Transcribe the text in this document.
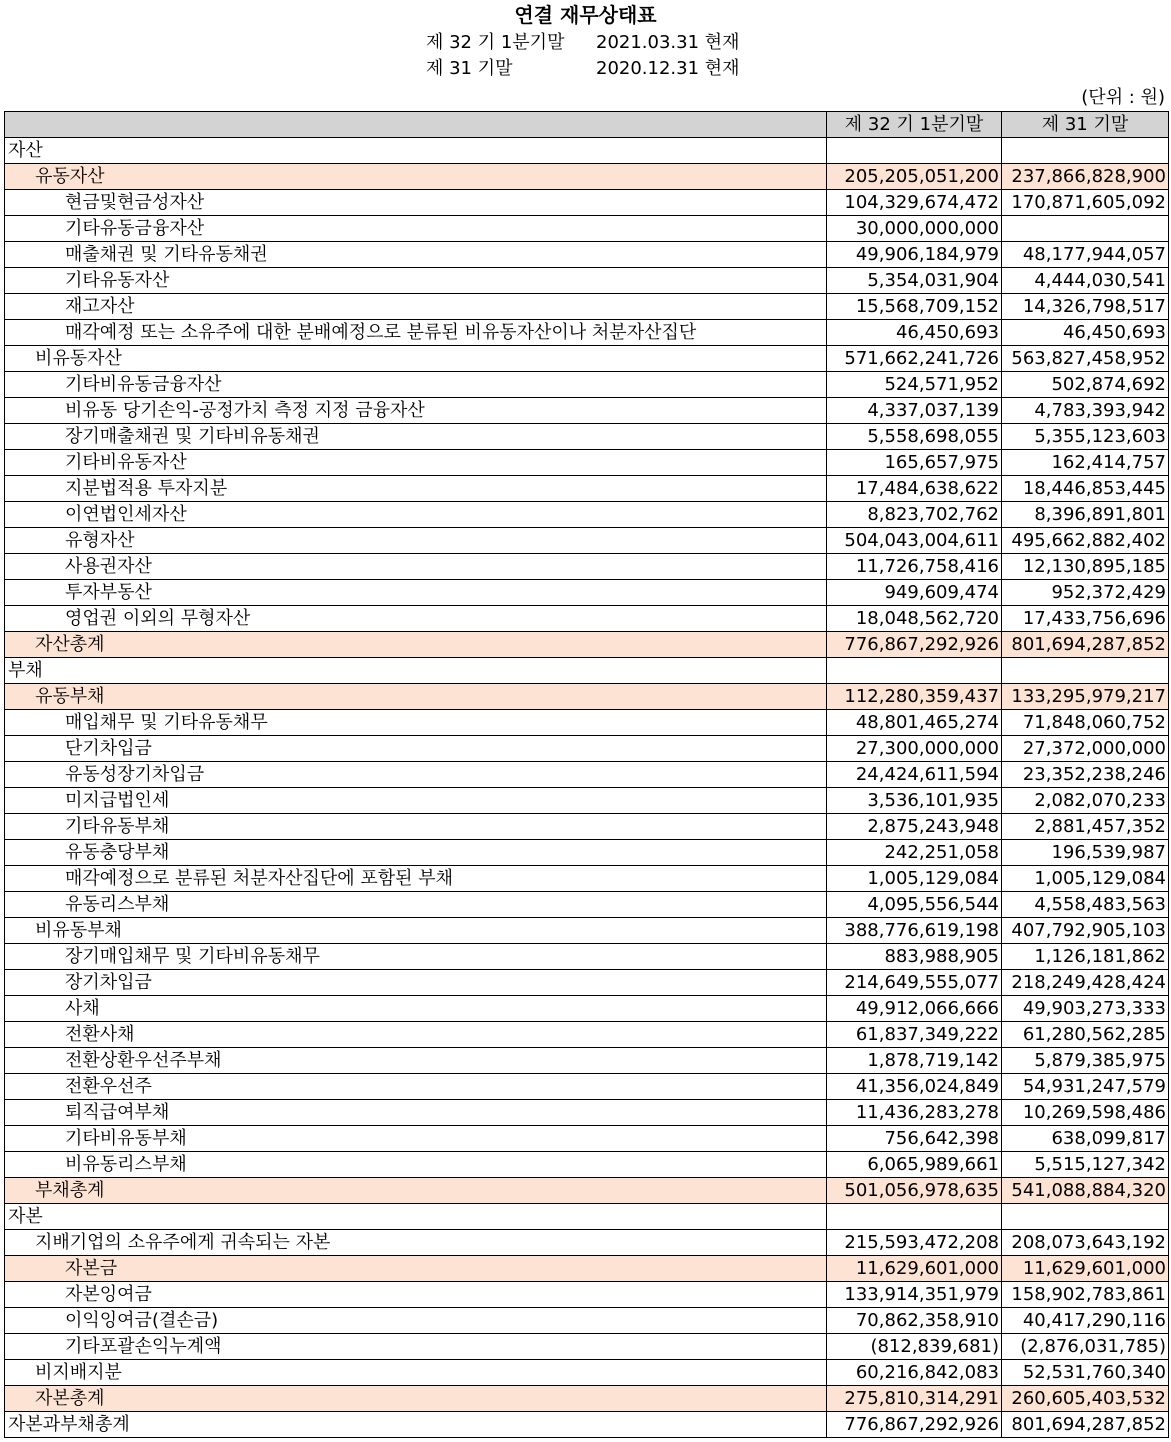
연결 재무상태표
제 32 기 1분기말 2021.03.31 현재
제 31 기말	2020.12.31 현재
(단위 : 원)
	제 32 기 1분기말	제 31 기말
자산		
유동자산	205,205,051,200	237,866,828,900
현금및현금성자산	104,329,674,472	170,871,605,092
기타유동금융자산	30,000,000,000	
매출채권 및 기타유동채권	49,906,184,979	48,177,944,057
기타유동자산	5,354,031,904	4,444,030,541
재고자산	15,568,709,152	14,326,798,517
매각예정 또는 소유주에 대한 분배예정으로 분류된 비유동자산이나 처분자산집단	46,450,693	46,450,693
비유동자산	571,662,241,726	563,827,458,952
기타비유동금융자산	524,571,952	502,874,692
비유동 당기손익-공정가치 측정 지정 금융자산	4,337,037,139	4,783,393,942
장기매출채권 및 기타비유동채권	5,558,698,055	5,355,123,603
기타비유동자산	165,657,975	162,414,757
지분법적용 투자지분	17,484,638,622	18,446,853,445
이연법인세자산	8,823,702,762	8,396,891,801
유형자산	504,043,004,611	495,662,882,402
사용권자산	11,726,758,416	12,130,895,185
투자부동산	949,609,474	952,372,429
영업권 이외의 무형자산	18,048,562,720	17,433,756,696
자산총계	776,867,292,926	801,694,287,852
부채		
유동부채	112,280,359,437	133,295,979,217
매입채무 및 기타유동채무	48,801,465,274	71,848,060,752
단기차입금	27,300,000,000	27,372,000,000
유동성장기차입금	24,424,611,594	23,352,238,246
미지급법인세	3,536,101,935	2,082,070,233
기타유동부채	2,875,243,948	2,881,457,352
유동충당부채	242,251,058	196,539,987
매각예정으로 분류된 처분자산집단에 포함된 부채	1,005,129,084	1,005,129,084
유동리스부채	4,095,556,544	4,558,483,563
비유동부채	388,776,619,198	407,792,905,103
장기매입채무 및 기타비유동채무	883,988,905	1,126,181,862
장기차입금	214,649,555,077	218,249,428,424
사채	49,912,066,666	49,903,273,333
전환사채	61,837,349,222	61,280,562,285
전환상환우선주부채	1,878,719,142	5,879,385,975
전환우선주	41,356,024,849	54,931,247,579
퇴직급여부채	11,436,283,278	10,269,598,486
기타비유동부채	756,642,398	638,099,817
비유동리스부채	6,065,989,661	5,515,127,342
부채총계	501,056,978,635	541,088,884,320
자본		
지배기업의 소유주에게 귀속되는 자본	215,593,472,208	208,073,643,192
자본금	11,629,601,000	11,629,601,000
자본잉여금	133,914,351,979	158,902,783,861
이익잉여금(결손금)	70,862,358,910	40,417,290,116
기타포괄손익누계액	(812,839,681)	(2,876,031,785)
비지배지분	60,216,842,083	52,531,760,340
자본총계	275,810,314,291	260,605,403,532
자본과부채총계	776,867,292,926	801,694,287,852
